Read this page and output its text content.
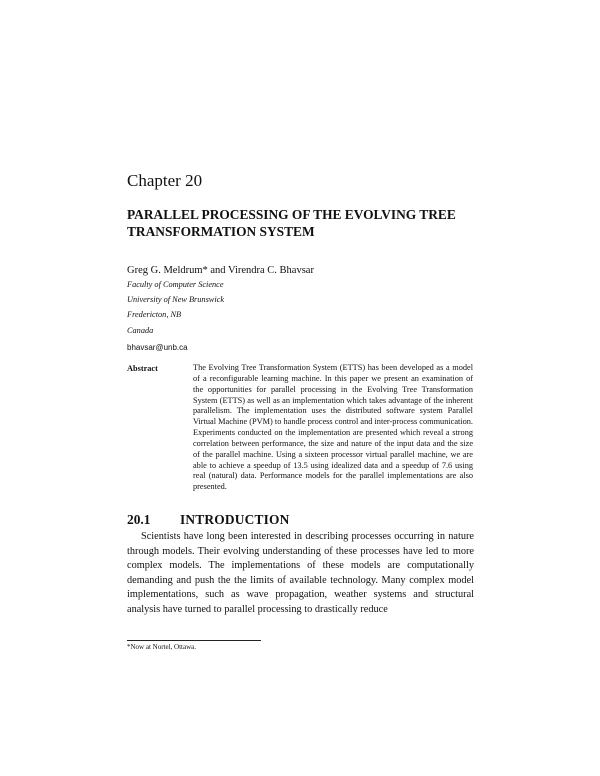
Chapter 20
PARALLEL PROCESSING OF THE EVOLVING TREE TRANSFORMATION SYSTEM
Greg G. Meldrum* and Virendra C. Bhavsar
Faculty of Computer Science
University of New Brunswick
Fredericton, NB
Canada
bhavsar@unb.ca
Abstract	The Evolving Tree Transformation System (ETTS) has been developed as a model of a reconfigurable learning machine. In this paper we present an examination of the opportunities for parallel processing in the Evolving Tree Transformation System (ETTS) as well as an implementation which takes advantage of the inherent parallelism. The implementation uses the distributed software system Parallel Virtual Machine (PVM) to handle process control and inter-process communication. Experiments conducted on the implementation are presented which reveal a strong correlation between performance, the size and nature of the input data and the size of the parallel machine. Using a sixteen processor virtual parallel machine, we are able to achieve a speedup of 13.5 using idealized data and a speedup of 7.6 using real (natural) data. Performance models for the parallel implementations are also presented.

20.1 INTRODUCTION

Scientists have long been interested in describing processes occurring in nature through models. Their evolving understanding of these processes have led to more complex models. The implementations of these models are computationally demanding and push the the limits of available technology. Many complex model implementations, such as wave propagation, weather systems and structural analysis have turned to parallel processing to drastically reduce

*Now at Nortel, Ottawa.
